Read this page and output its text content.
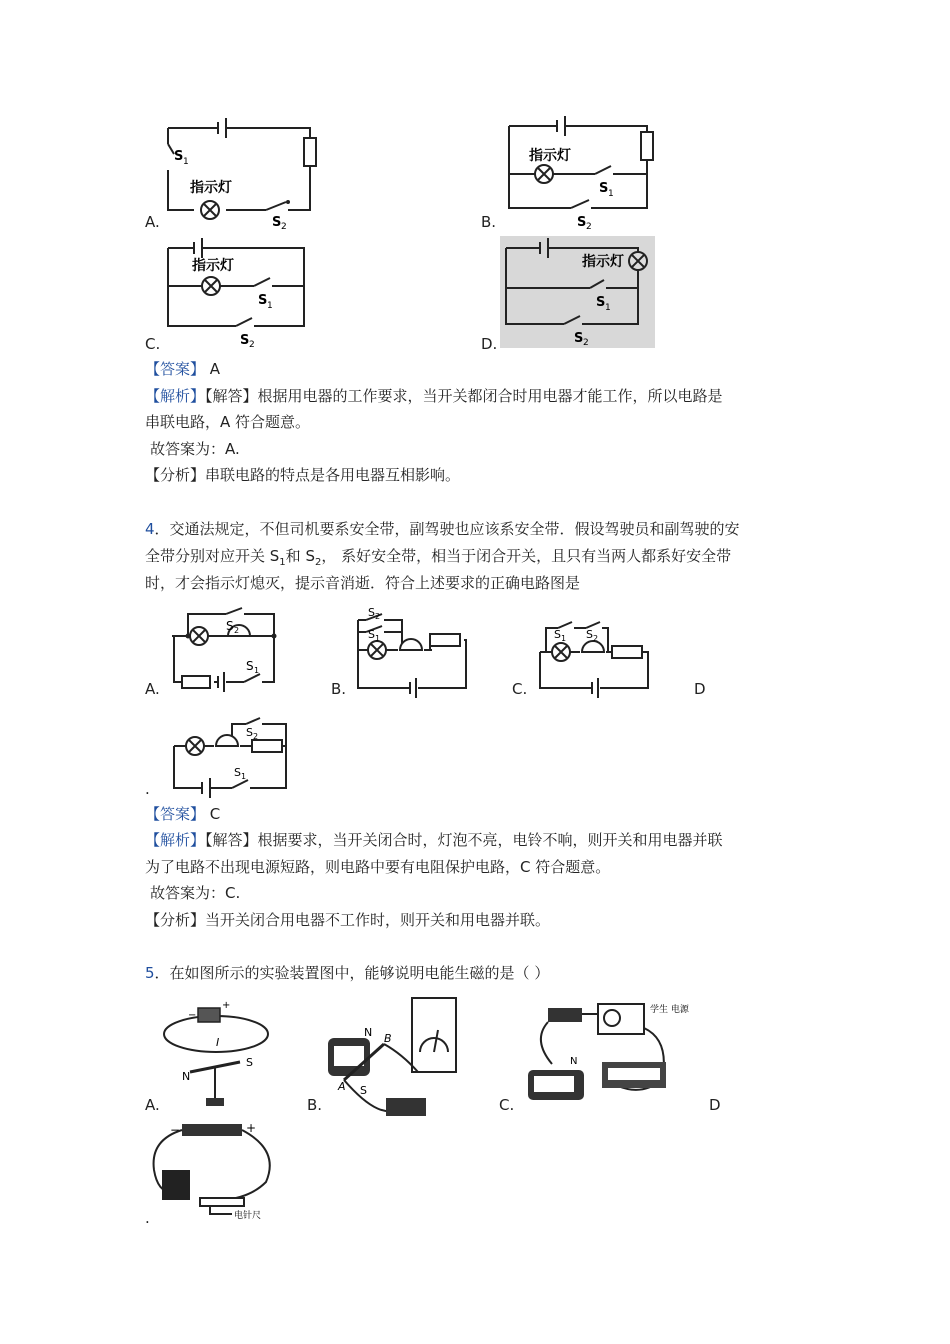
S 1
指示灯
S 2
A.
指示灯
S 1
S 2
B.
指示灯
S 1
S 2
C.
指示灯
S 1
S 2
D.
【答案】 A
【解析】【解答】根据用电器的工作要求，当开关都闭合时用电器才能工作，所以电路是
串联电路，A 符合题意。
故答案为：A.
【分析】串联电路的特点是各用电器互相影响。
4．交通法规定，不但司机要系安全带，副驾驶也应该系安全带．假设驾驶员和副驾驶的安
全带分别对应开关 $S_1$和 $S_2$， 系好安全带，相当于闭合开关，且只有当两人都系好安全带
时，才会指示灯熄灭，提示音消逝．符合上述要求的正确电路图是
S 2
S 1
A.
S 2
S 1
B.
S 1 S 2
C.	D
S 2
S 1
.
【答案】 C
【解析】【解答】根据要求，当开关闭合时，灯泡不亮，电铃不响，则开关和用电器并联
为了电路不出现电源短路，则电路中要有电阻保护电路，C 符合题意。
故答案为：C.
【分析】当开关闭合用电器不工作时，则开关和用电器并联。
5．在如图所示的实验装置图中，能够说明电能生磁的是（ ）
+
−
I
N
S
A.
N B
A S
B.
学生 电源
N
C.	D
−	+
电针尺
.
